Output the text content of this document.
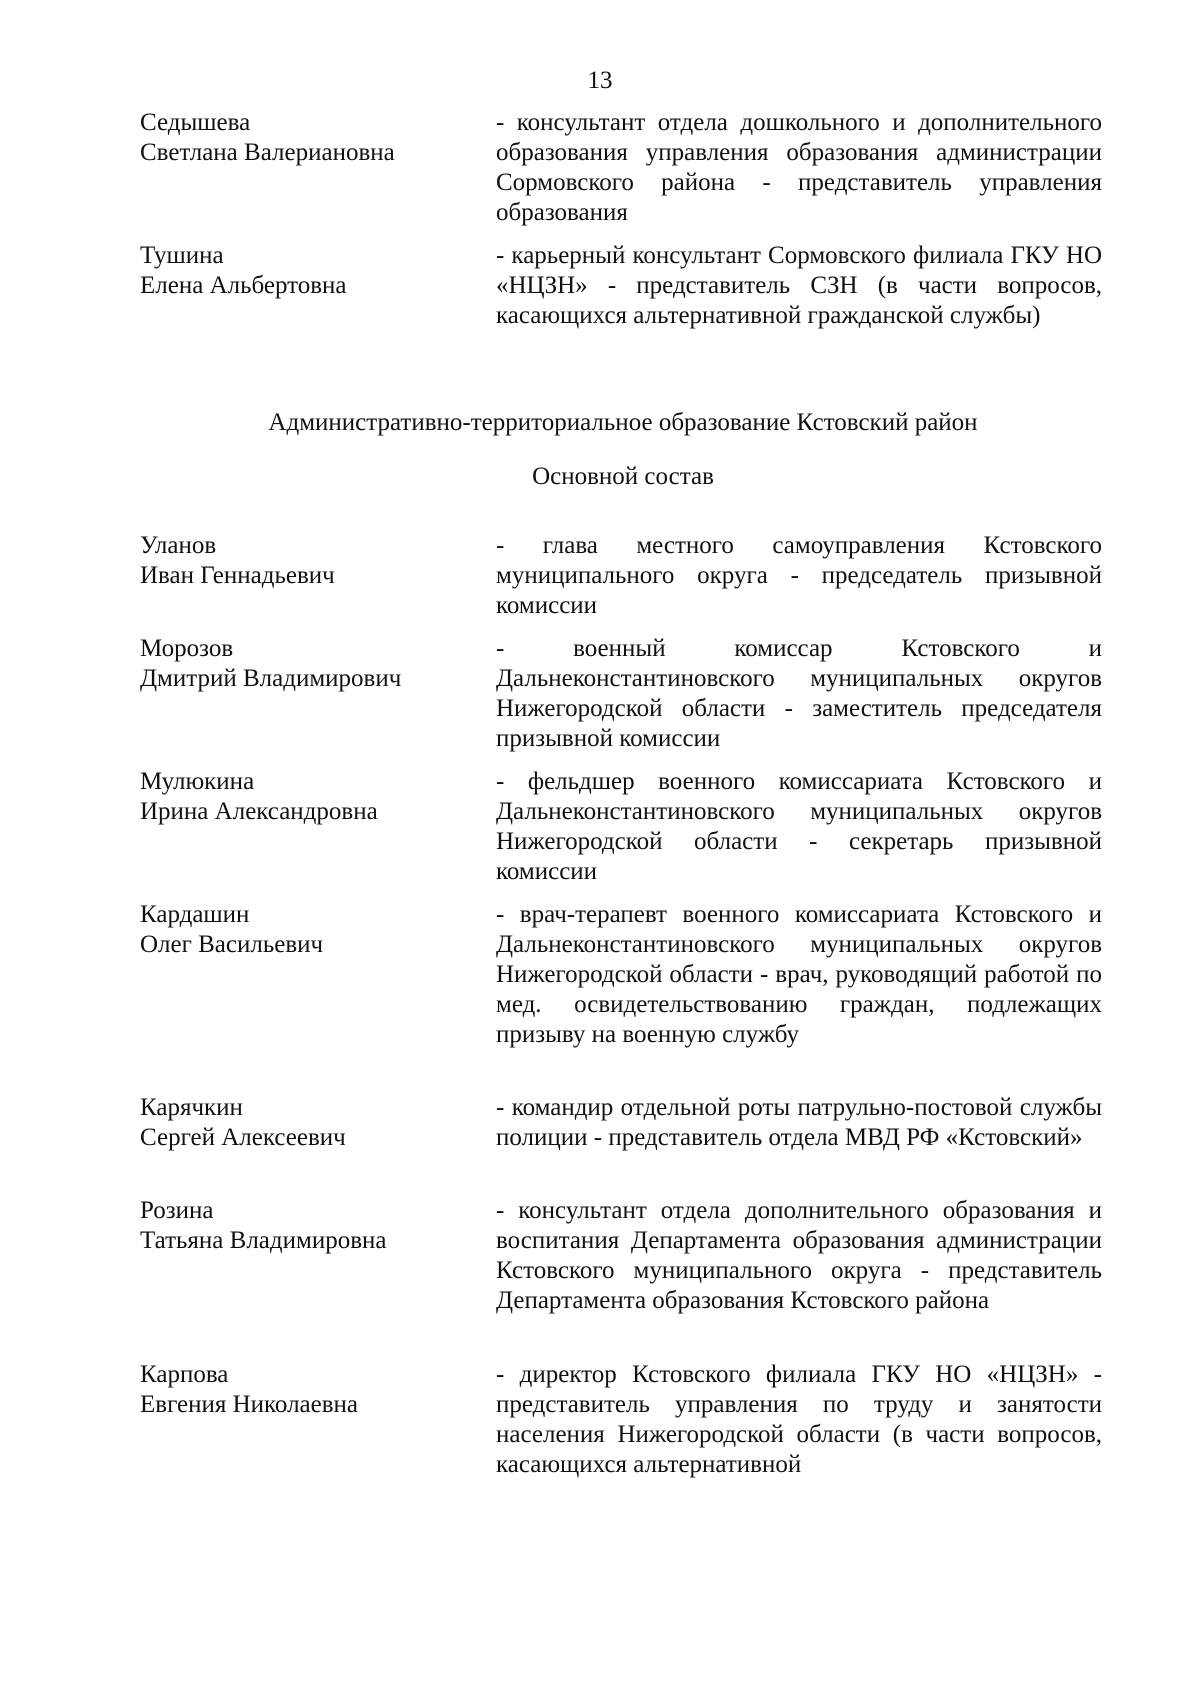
13
Седышева
Светлана Валериановна
- консультант отдела дошкольного и дополнительного образования управления образования администрации Сормовского района - представитель управления образования
Тушина
Елена Альбертовна
- карьерный консультант Сормовского филиала ГКУ НО «НЦЗН» - представитель СЗН (в части вопросов, касающихся альтернативной гражданской службы)
Административно-территориальное образование Кстовский район
Основной состав
Уланов
Иван Геннадьевич
- глава местного самоуправления Кстовского муниципального округа - председатель призывной комиссии
Морозов
Дмитрий Владимирович
- военный комиссар Кстовского и Дальнеконстантиновского муниципальных округов Нижегородской области - заместитель председателя призывной комиссии
Мулюкина
Ирина Александровна
- фельдшер военного комиссариата Кстовского и Дальнеконстантиновского муниципальных округов Нижегородской области - секретарь призывной комиссии
Кардашин
Олег Васильевич
- врач-терапевт военного комиссариата Кстовского и Дальнеконстантиновского муниципальных округов Нижегородской области - врач, руководящий работой по мед. освидетельствованию граждан, подлежащих призыву на военную службу
Карячкин
Сергей Алексеевич
- командир отдельной роты патрульно-постовой службы полиции - представитель отдела МВД РФ «Кстовский»
Розина
Татьяна Владимировна
- консультант отдела дополнительного образования и воспитания Департамента образования администрации Кстовского муниципального округа - представитель Департамента образования Кстовского района
Карпова
Евгения Николаевна
- директор Кстовского филиала ГКУ НО «НЦЗН» - представитель управления по труду и занятости населения Нижегородской области (в части вопросов, касающихся альтернативной
